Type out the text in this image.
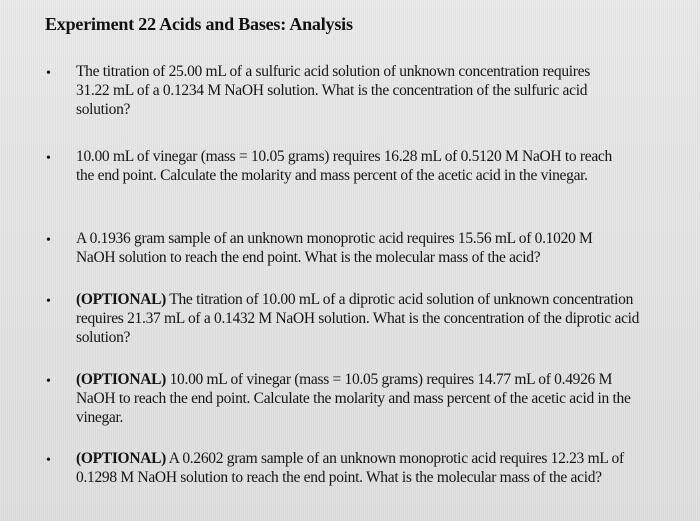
Experiment 22 Acids and Bases: Analysis
•	The titration of 25.00 mL of a sulfuric acid solution of unknown concentration requires 31.22 mL of a 0.1234 M NaOH solution. What is the concentration of the sulfuric acid solution?
•	10.00 mL of vinegar (mass = 10.05 grams) requires 16.28 mL of 0.5120 M NaOH to reach the end point. Calculate the molarity and mass percent of the acetic acid in the vinegar.
•	A 0.1936 gram sample of an unknown monoprotic acid requires 15.56 mL of 0.1020 M NaOH solution to reach the end point. What is the molecular mass of the acid?
•	(OPTIONAL) The titration of 10.00 mL of a diprotic acid solution of unknown concentration requires 21.37 mL of a 0.1432 M NaOH solution. What is the concentration of the diprotic acid solution?
•	(OPTIONAL) 10.00 mL of vinegar (mass = 10.05 grams) requires 14.77 mL of 0.4926 M NaOH to reach the end point. Calculate the molarity and mass percent of the acetic acid in the vinegar.
•	(OPTIONAL) A 0.2602 gram sample of an unknown monoprotic acid requires 12.23 mL of 0.1298 M NaOH solution to reach the end point. What is the molecular mass of the acid?
